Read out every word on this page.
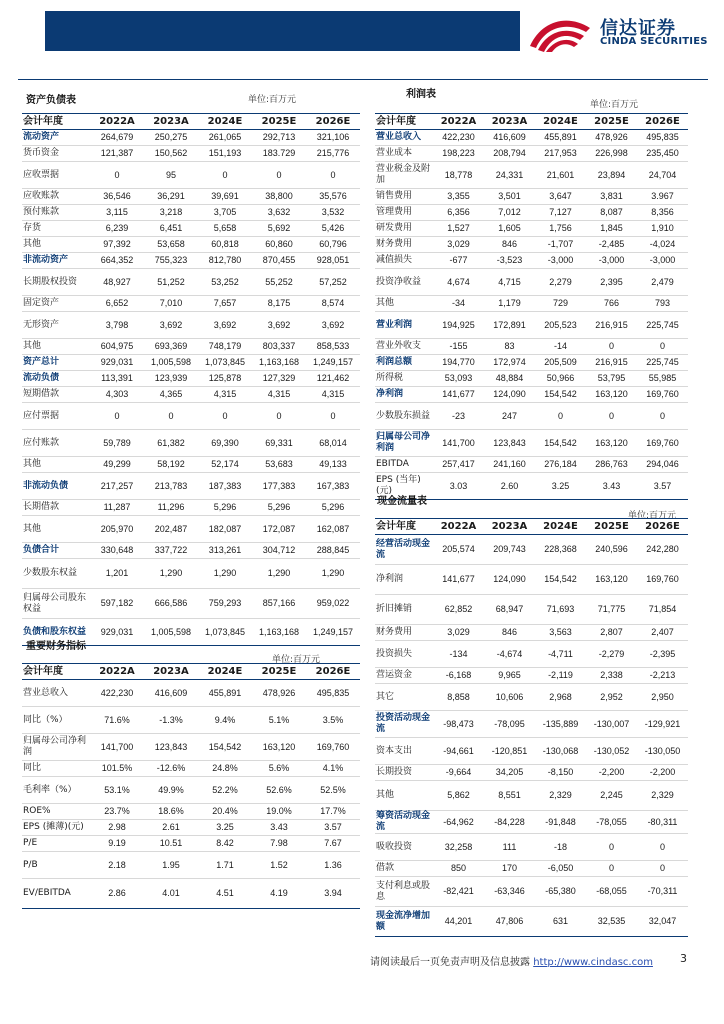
信达证券
CINDA SECURITIES
资产负债表	单位:百万元
会计年度	2022A	2023A	2024E	2025E	2026E
流动资产	264,679	250,275	261,065	292,713	321,106
货币资金	121,387	150,562	151,193	183.729	215,776
应收票据	0	95	0	0	0
应收账款	36,546	36,291	39,691	38,800	35,576
预付账款	3,115	3,218	3,705	3,632	3,532
存货	6,239	6,451	5,658	5,692	5,426
其他	97,392	53,658	60,818	60,860	60,796
非流动资产	664,352	755,323	812,780	870,455	928,051
长期股权投资	48,927	51,252	53,252	55,252	57,252
固定资产	6,652	7,010	7,657	8,175	8,574
无形资产	3,798	3,692	3,692	3,692	3,692
其他	604,975	693,369	748,179	803,337	858,533
资产总计	929,031	1,005,598	1,073,845	1,163,168	1,249,157
流动负债	113,391	123,939	125,878	127,329	121,462
短期借款	4,303	4,365	4,315	4,315	4,315
应付票据	0	0	0	0	0
应付账款	59,789	61,382	69,390	69,331	68,014
其他	49,299	58,192	52,174	53,683	49,133
非流动负债	217,257	213,783	187,383	177,383	167,383
长期借款	11,287	11,296	5,296	5,296	5,296
其他	205,970	202,487	182,087	172,087	162,087
负债合计	330,648	337,722	313,261	304,712	288,845
少数股东权益	1,201	1,290	1,290	1,290	1,290
归属母公司股东权益	597,182	666,586	759,293	857,166	959,022
负债和股东权益	929,031	1,005,598	1,073,845	1,163,168	1,249,157
重要财务指标
单位:百万元
会计年度	2022A	2023A	2024E	2025E	2026E
营业总收入	422,230	416,609	455,891	478,926	495,835
同比（%）	71.6%	-1.3%	9.4%	5.1%	3.5%
归属母公司净利润	141,700	123,843	154,542	163,120	169,760
同比	101.5%	-12.6%	24.8%	5.6%	4.1%
毛利率（%）	53.1%	49.9%	52.2%	52.6%	52.5%
ROE%	23.7%	18.6%	20.4%	19.0%	17.7%
EPS (摊薄)(元)	2.98	2.61	3.25	3.43	3.57
P/E	9.19	10.51	8.42	7.98	7.67
P/B	2.18	1.95	1.71	1.52	1.36
EV/EBITDA	2.86	4.01	4.51	4.19	3.94
利润表
单位:百万元
会计年度	2022A	2023A	2024E	2025E	2026E
营业总收入	422,230	416,609	455,891	478,926	495,835
营业成本	198,223	208,794	217,953	226,998	235,450
营业税金及附加	18,778	24,331	21,601	23,894	24,704
销售费用	3,355	3,501	3,647	3,831	3.967
管理费用	6,356	7,012	7,127	8,087	8,356
研发费用	1,527	1,605	1,756	1,845	1,910
财务费用	3,029	846	-1,707	-2,485	-4,024
减值损失	-677	-3,523	-3,000	-3,000	-3,000
投资净收益	4,674	4,715	2,279	2,395	2,479
其他	-34	1,179	729	766	793
营业利润	194,925	172,891	205,523	216,915	225,745
营业外收支	-155	83	-14	0	0
利润总额	194,770	172,974	205,509	216,915	225,745
所得税	53,093	48,884	50,966	53,795	55,985
净利润	141,677	124,090	154,542	163,120	169,760
少数股东损益	-23	247	0	0	0
归属母公司净利润	141,700	123,843	154,542	163,120	169,760
EBITDA	257,417	241,160	276,184	286,763	294,046
EPS (当年)(元)	3.03	2.60	3.25	3.43	3.57
现金流量表
单位:百万元
会计年度	2022A	2023A	2024E	2025E	2026E
经营活动现金流	205,574	209,743	228,368	240,596	242,280
净利润	141,677	124,090	154,542	163,120	169,760
折旧摊销	62,852	68,947	71,693	71,775	71,854
财务费用	3,029	846	3,563	2,807	2,407
投资损失	-134	-4,674	-4,711	-2,279	-2,395
营运资金	-6,168	9,965	-2,119	2,338	-2,213
其它	8,858	10,606	2,968	2,952	2,950
投资活动现金流	-98,473	-78,095	-135,889	-130,007	-129,921
资本支出	-94,661	-120,851	-130,068	-130,052	-130,050
长期投资	-9,664	34,205	-8,150	-2,200	-2,200
其他	5,862	8,551	2,329	2,245	2,329
筹资活动现金流	-64,962	-84,228	-91,848	-78,055	-80,311
吸收投资	32,258	111	-18	0	0
借款	850	170	-6,050	0	0
支付利息或股息	-82,421	-63,346	-65,380	-68,055	-70,311
现金流净增加额	44,201	47,806	631	32,535	32,047
请阅读最后一页免责声明及信息披露 http://www.cindasc.com 3
